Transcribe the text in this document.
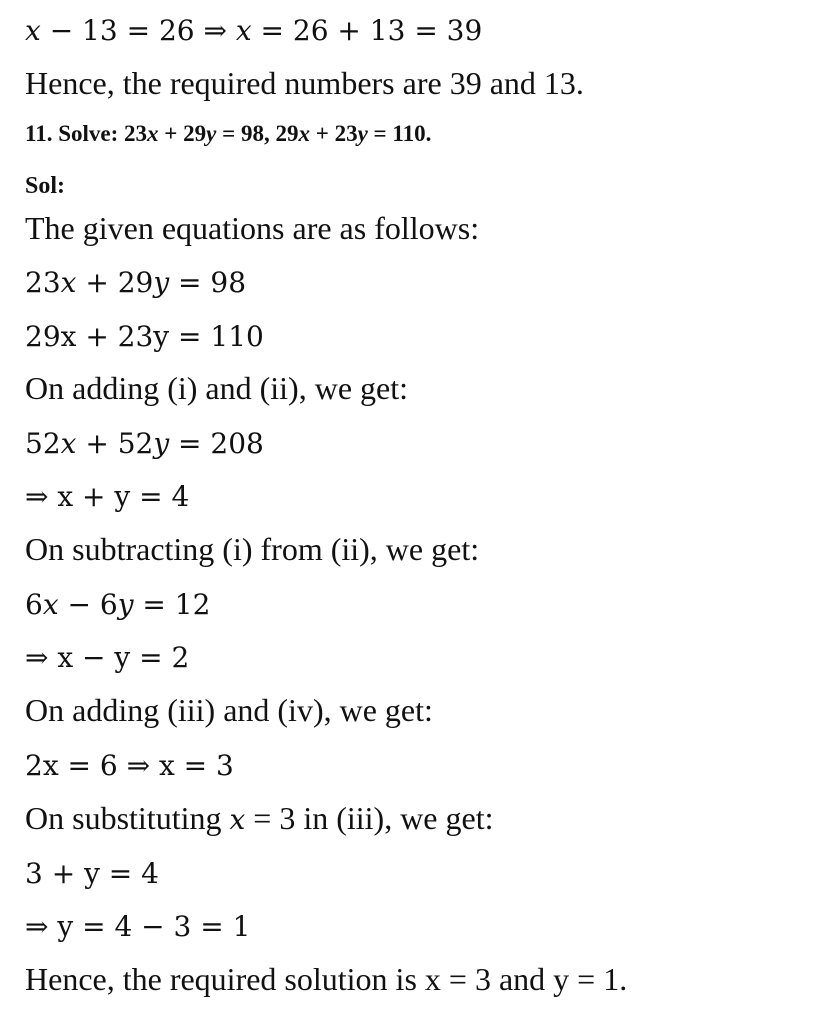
x − 13 = 26 ⇒ x = 26 + 13 = 39
Hence, the required numbers are 39 and 13.
11. Solve: 23x + 29y = 98, 29x + 23y = 110.
Sol:
The given equations are as follows:
23x + 29y = 98
29x + 23y = 110
On adding (i) and (ii), we get:
52x + 52y = 208
⇒ x + y = 4
On subtracting (i) from (ii), we get:
6x − 6y = 12
⇒ x − y = 2
On adding (iii) and (iv), we get:
2x = 6 ⇒ x = 3
On substituting x = 3 in (iii), we get:
3 + y = 4
⇒ y = 4 − 3 = 1
Hence, the required solution is x = 3 and y = 1.
